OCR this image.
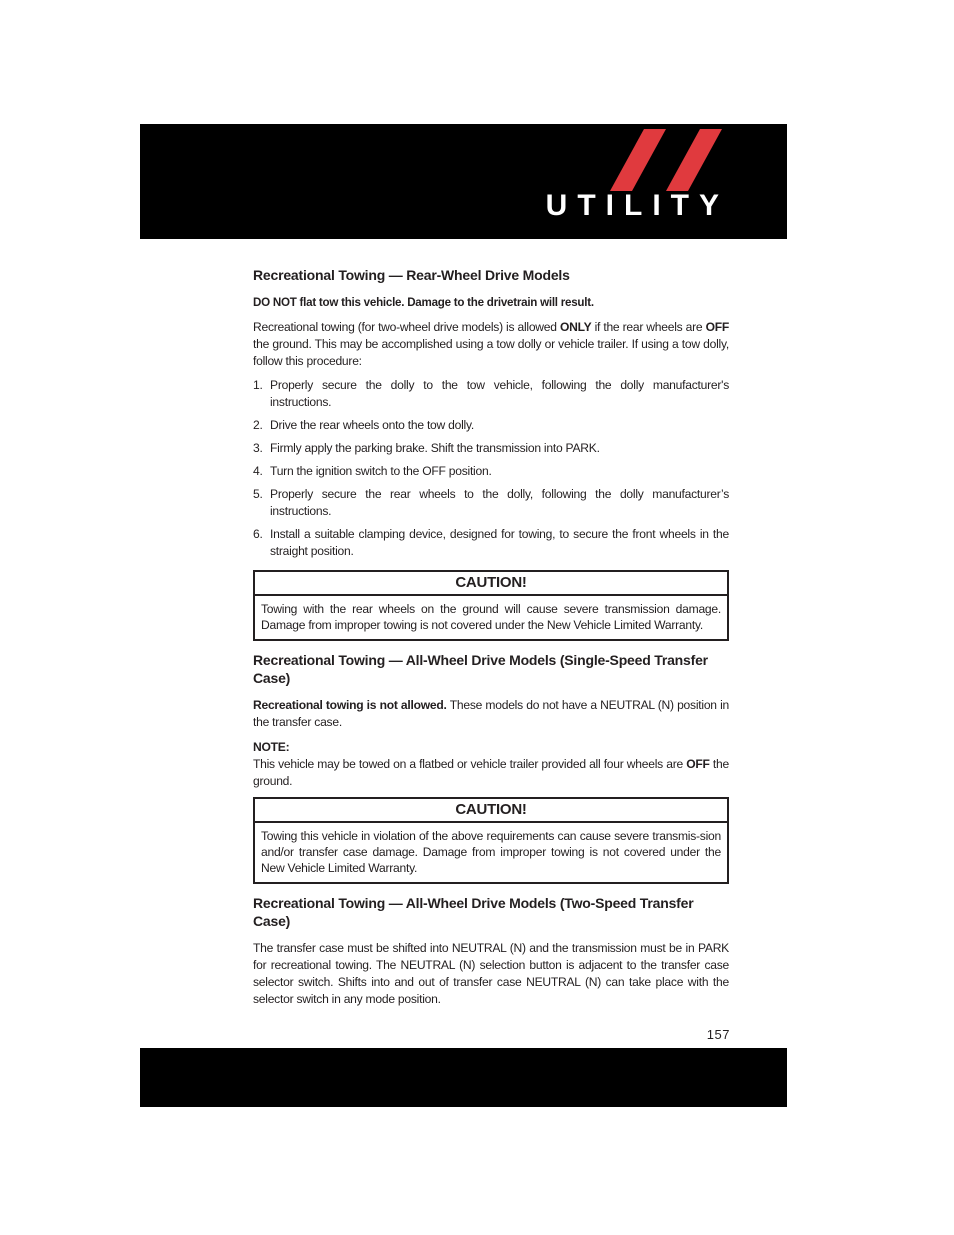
UTILITY
Recreational Towing — Rear-Wheel Drive Models

DO NOT flat tow this vehicle. Damage to the drivetrain will result.

Recreational towing (for two-wheel drive models) is allowed ONLY if the rear wheels are OFF the ground. This may be accomplished using a tow dolly or vehicle trailer. If using a tow dolly, follow this procedure:

1. Properly secure the dolly to the tow vehicle, following the dolly manufacturer's instructions.
2. Drive the rear wheels onto the tow dolly.
3. Firmly apply the parking brake. Shift the transmission into PARK.
4. Turn the ignition switch to the OFF position.
5. Properly secure the rear wheels to the dolly, following the dolly manufacturer’s instructions.
6. Install a suitable clamping device, designed for towing, to secure the front wheels in the straight position.
CAUTION!
Towing with the rear wheels on the ground will cause severe transmission damage. Damage from improper towing is not covered under the New Vehicle Limited Warranty.
Recreational Towing — All-Wheel Drive Models (Single-Speed Transfer Case)

Recreational towing is not allowed. These models do not have a NEUTRAL (N) position in the transfer case.

NOTE:

This vehicle may be towed on a flatbed or vehicle trailer provided all four wheels are OFF the ground.

CAUTION!
Towing this vehicle in violation of the above requirements can cause severe transmis-sion and/or transfer case damage. Damage from improper towing is not covered under the New Vehicle Limited Warranty.
Recreational Towing — All-Wheel Drive Models (Two-Speed Transfer Case)

The transfer case must be shifted into NEUTRAL (N) and the transmission must be in PARK for recreational towing. The NEUTRAL (N) selection button is adjacent to the transfer case selector switch. Shifts into and out of transfer case NEUTRAL (N) can take place with the selector switch in any mode position.

157
